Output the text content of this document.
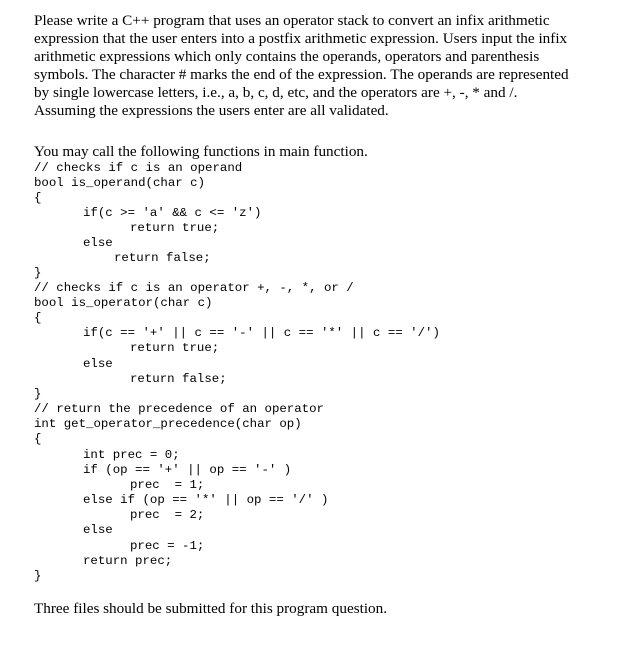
Please write a C++ program that uses an operator stack to convert an infix arithmetic
expression that the user enters into a postfix arithmetic expression. Users input the infix
arithmetic expressions which only contains the operands, operators and parenthesis
symbols. The character # marks the end of the expression. The operands are represented
by single lowercase letters, i.e., a, b, c, d, etc, and the operators are +, -, * and /.
Assuming the expressions the users enter are all validated.
You may call the following functions in main function.
// checks if c is an operand
bool is_operand(char c)
{
if(c >= 'a' && c <= 'z')
return true;
else
return false;
}
// checks if c is an operator +, -, *, or /
bool is_operator(char c)
{
if(c == '+' || c == '-' || c == '*' || c == '/')
return true;
else
return false;
}
// return the precedence of an operator
int get_operator_precedence(char op)
{
int prec = 0;
if (op == '+' || op == '-' )
prec  = 1;
else if (op == '*' || op == '/' )
prec  = 2;
else
prec = -1;
return prec;
}
Three files should be submitted for this program question.
